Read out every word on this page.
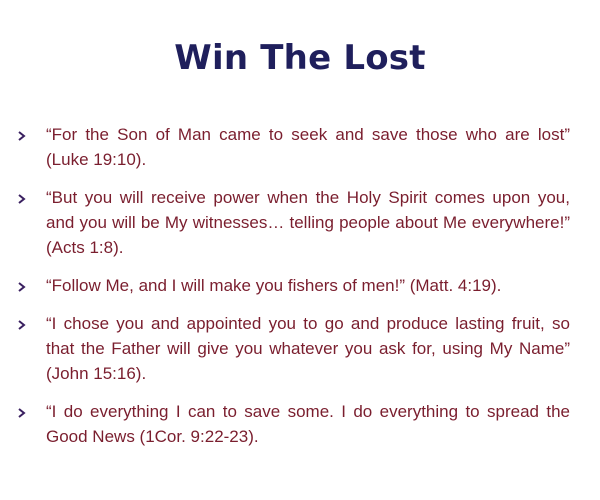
Win The Lost
“For the Son of Man came to seek and save those who are lost” (Luke 19:10).
“But you will receive power when the Holy Spirit comes upon you, and you will be My witnesses… telling people about Me everywhere!” (Acts 1:8).
“Follow Me, and I will make you fishers of men!” (Matt. 4:19).
“I chose you and appointed you to go and produce lasting fruit, so that the Father will give you whatever you ask for, using My Name” (John 15:16).
“I do everything I can to save some. I do everything to spread the Good News (1Cor. 9:22-23).
